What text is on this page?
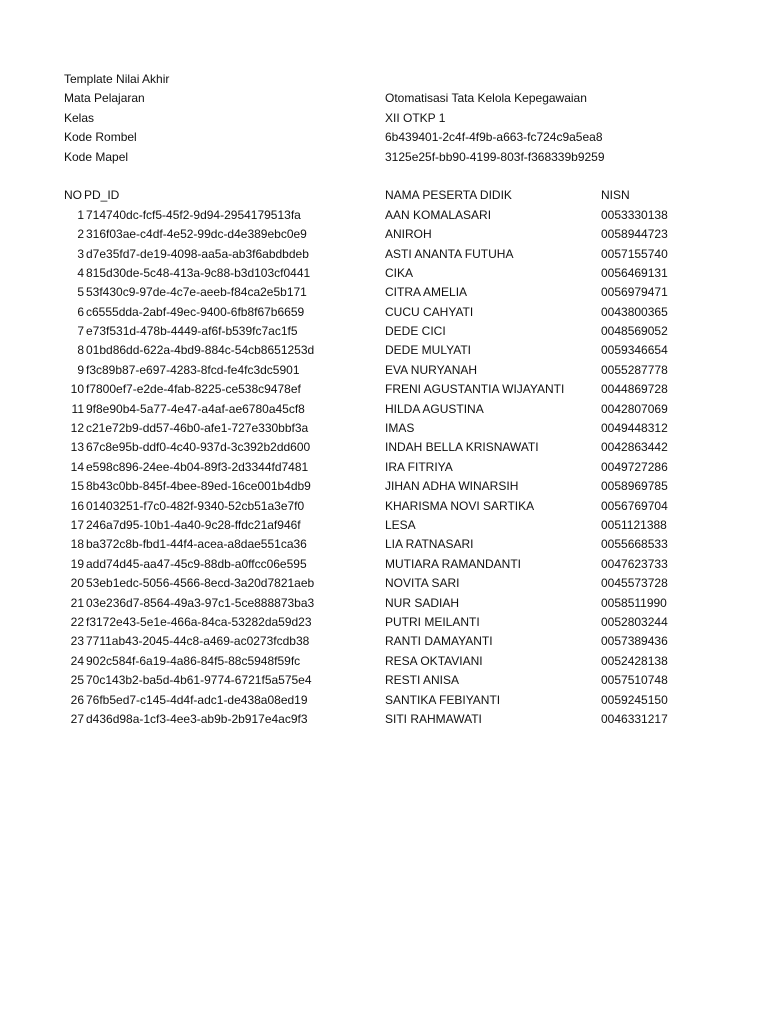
Template Nilai Akhir
Mata Pelajaran	Otomatisasi Tata Kelola Kepegawaian
Kelas	XII OTKP 1
Kode Rombel	6b439401-2c4f-4f9b-a663-fc724c9a5ea8
Kode Mapel	3125e25f-bb90-4199-803f-f368339b9259
NO PD_ID	NAMA PESERTA DIDIK	NISN
1 714740dc-fcf5-45f2-9d94-2954179513fa	AAN KOMALASARI	0053330138
2 316f03ae-c4df-4e52-99dc-d4e389ebc0e9	ANIROH	0058944723
3 d7e35fd7-de19-4098-aa5a-ab3f6abdbdeb	ASTI ANANTA FUTUHA	0057155740
4 815d30de-5c48-413a-9c88-b3d103cf0441	CIKA	0056469131
5 53f430c9-97de-4c7e-aeeb-f84ca2e5b171	CITRA AMELIA	0056979471
6 c6555dda-2abf-49ec-9400-6fb8f67b6659	CUCU CAHYATI	0043800365
7 e73f531d-478b-4449-af6f-b539fc7ac1f5	DEDE CICI	0048569052
8 01bd86dd-622a-4bd9-884c-54cb8651253d	DEDE MULYATI	0059346654
9 f3c89b87-e697-4283-8fcd-fe4fc3dc5901	EVA NURYANAH	0055287778
10 f7800ef7-e2de-4fab-8225-ce538c9478ef	FRENI AGUSTANTIA WIJAYANTI	0044869728
11 9f8e90b4-5a77-4e47-a4af-ae6780a45cf8	HILDA AGUSTINA	0042807069
12 c21e72b9-dd57-46b0-afe1-727e330bbf3a	IMAS	0049448312
13 67c8e95b-ddf0-4c40-937d-3c392b2dd600	INDAH BELLA KRISNAWATI	0042863442
14 e598c896-24ee-4b04-89f3-2d3344fd7481	IRA FITRIYA	0049727286
15 8b43c0bb-845f-4bee-89ed-16ce001b4db9	JIHAN ADHA WINARSIH	0058969785
16 01403251-f7c0-482f-9340-52cb51a3e7f0	KHARISMA NOVI SARTIKA	0056769704
17 246a7d95-10b1-4a40-9c28-ffdc21af946f	LESA	0051121388
18 ba372c8b-fbd1-44f4-acea-a8dae551ca36	LIA RATNASARI	0055668533
19 add74d45-aa47-45c9-88db-a0ffcc06e595	MUTIARA RAMANDANTI	0047623733
20 53eb1edc-5056-4566-8ecd-3a20d7821aeb	NOVITA SARI	0045573728
21 03e236d7-8564-49a3-97c1-5ce888873ba3	NUR SADIAH	0058511990
22 f3172e43-5e1e-466a-84ca-53282da59d23	PUTRI MEILANTI	0052803244
23 7711ab43-2045-44c8-a469-ac0273fcdb38	RANTI DAMAYANTI	0057389436
24 902c584f-6a19-4a86-84f5-88c5948f59fc	RESA OKTAVIANI	0052428138
25 70c143b2-ba5d-4b61-9774-6721f5a575e4	RESTI ANISA	0057510748
26 76fb5ed7-c145-4d4f-adc1-de438a08ed19	SANTIKA FEBIYANTI	0059245150
27 d436d98a-1cf3-4ee3-ab9b-2b917e4ac9f3	SITI RAHMAWATI	0046331217
